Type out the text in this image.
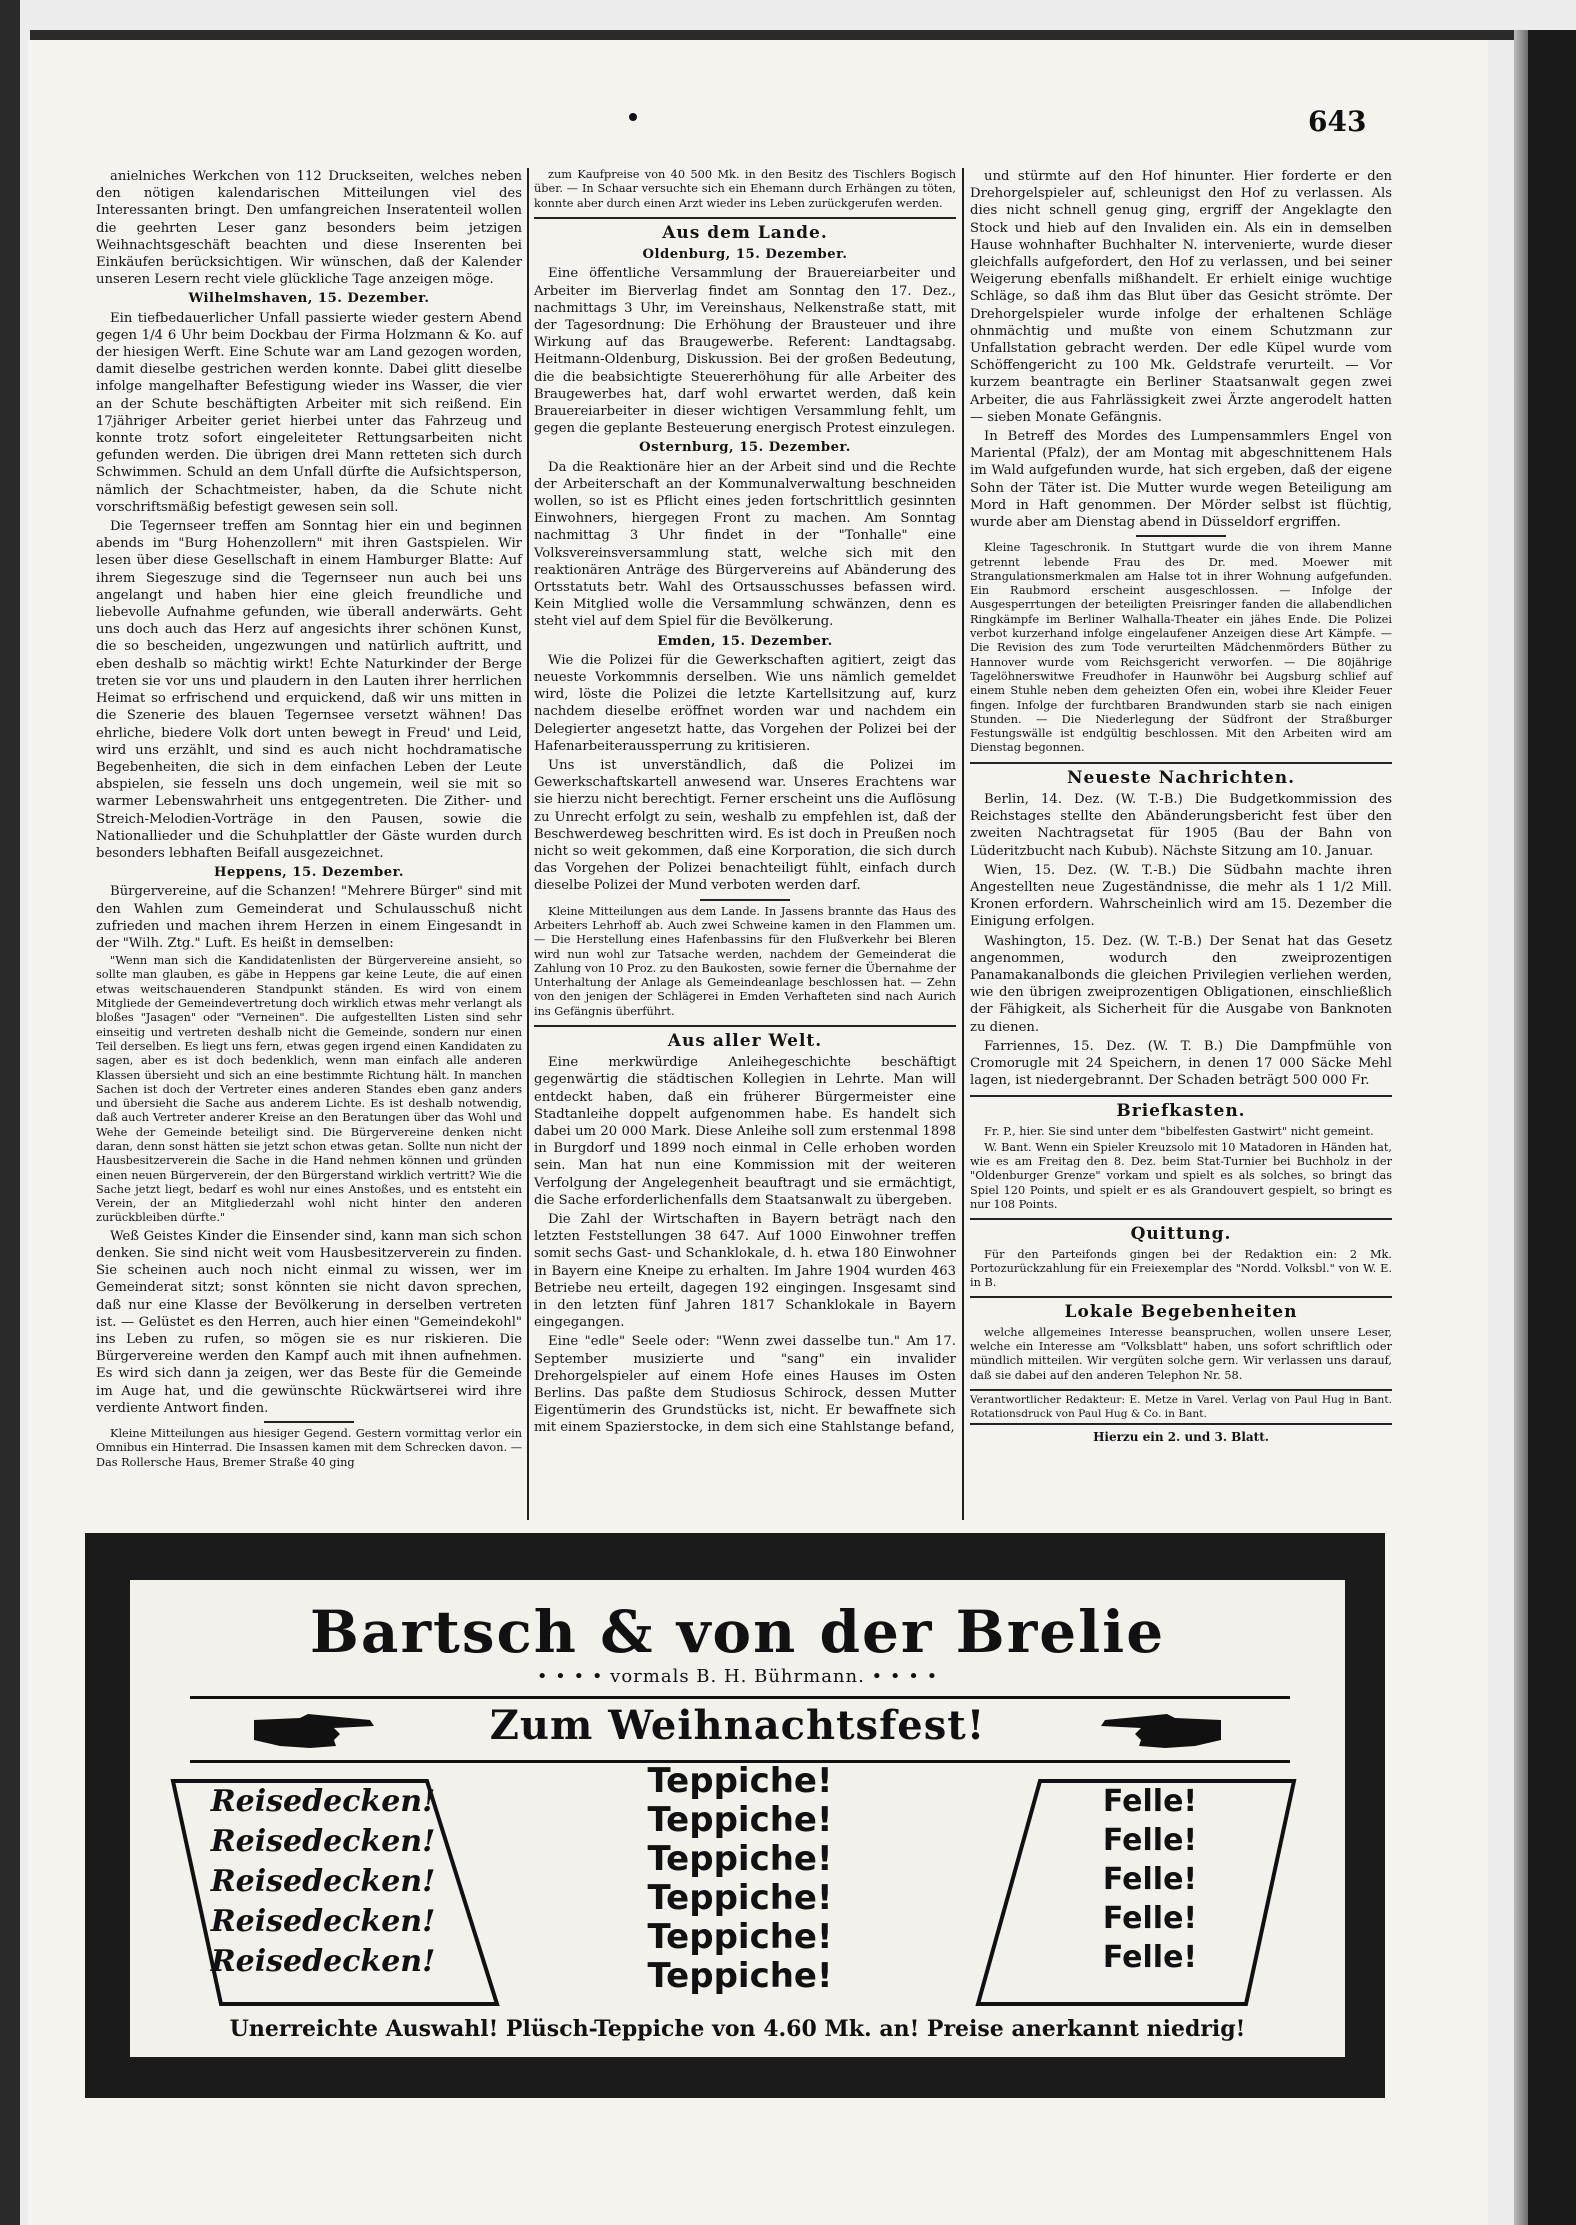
643

anielniches Werkchen von 112 Druckseiten, welches neben den nötigen kalendarischen Mitteilungen viel des Interessanten bringt. Den umfangreichen Inseratenteil wollen die geehrten Leser ganz besonders beim jetzigen Weihnachtsgeschäft beachten und diese Inserenten bei Einkäufen berücksichtigen. Wir wünschen, daß der Kalender unseren Lesern recht viele glückliche Tage anzeigen möge.

Wilhelmshaven, 15. Dezember.

Ein tiefbedauerlicher Unfall passierte wieder gestern Abend gegen 1/4 6 Uhr beim Dockbau der Firma Holzmann & Ko. auf der hiesigen Werft. Eine Schute war am Land gezogen worden, damit dieselbe gestrichen werden konnte. Dabei glitt dieselbe infolge mangelhafter Befestigung wieder ins Wasser, die vier an der Schute beschäftigten Arbeiter mit sich reißend. Ein 17jähriger Arbeiter geriet hierbei unter das Fahrzeug und konnte trotz sofort eingeleiteter Rettungsarbeiten nicht gefunden werden. Die übrigen drei Mann retteten sich durch Schwimmen. Schuld an dem Unfall dürfte die Aufsichtsperson, nämlich der Schachtmeister, haben, da die Schute nicht vorschriftsmäßig befestigt gewesen sein soll.

Die Tegernseer treffen am Sonntag hier ein und beginnen abends im "Burg Hohenzollern" mit ihren Gastspielen. Wir lesen über diese Gesellschaft in einem Hamburger Blatte: Auf ihrem Siegeszuge sind die Tegernseer nun auch bei uns angelangt und haben hier eine gleich freundliche und liebevolle Aufnahme gefunden, wie überall anderwärts. Geht uns doch auch das Herz auf angesichts ihrer schönen Kunst, die so bescheiden, ungezwungen und natürlich auftritt, und eben deshalb so mächtig wirkt! Echte Naturkinder der Berge treten sie vor uns und plaudern in den Lauten ihrer herrlichen Heimat so erfrischend und erquickend, daß wir uns mitten in die Szenerie des blauen Tegernsee versetzt wähnen! Das ehrliche, biedere Volk dort unten bewegt in Freud' und Leid, wird uns erzählt, und sind es auch nicht hochdramatische Begebenheiten, die sich in dem einfachen Leben der Leute abspielen, sie fesseln uns doch ungemein, weil sie mit so warmer Lebenswahrheit uns entgegentreten. Die Zither- und Streich-Melodien-Vorträge in den Pausen, sowie die Nationallieder und die Schuhplattler der Gäste wurden durch besonders lebhaften Beifall ausgezeichnet.

Heppens, 15. Dezember.

Bürgervereine, auf die Schanzen! "Mehrere Bürger" sind mit den Wahlen zum Gemeinderat und Schulausschuß nicht zufrieden und machen ihrem Herzen in einem Eingesandt in der "Wilh. Ztg." Luft. Es heißt in demselben:

"Wenn man sich die Kandidatenlisten der Bürgervereine ansieht, so sollte man glauben, es gäbe in Heppens gar keine Leute, die auf einen etwas weitschauenderen Standpunkt ständen. Es wird von einem Mitgliede der Gemeindevertretung doch wirklich etwas mehr verlangt als bloßes "Jasagen" oder "Verneinen". Die aufgestellten Listen sind sehr einseitig und vertreten deshalb nicht die Gemeinde, sondern nur einen Teil derselben. Es liegt uns fern, etwas gegen irgend einen Kandidaten zu sagen, aber es ist doch bedenklich, wenn man einfach alle anderen Klassen übersieht und sich an eine bestimmte Richtung hält. In manchen Sachen ist doch der Vertreter eines anderen Standes eben ganz anders und übersieht die Sache aus anderem Lichte. Es ist deshalb notwendig, daß auch Vertreter anderer Kreise an den Beratungen über das Wohl und Wehe der Gemeinde beteiligt sind. Die Bürgervereine denken nicht daran, denn sonst hätten sie jetzt schon etwas getan. Sollte nun nicht der Hausbesitzerverein die Sache in die Hand nehmen können und gründen einen neuen Bürgerverein, der den Bürgerstand wirklich vertritt? Wie die Sache jetzt liegt, bedarf es wohl nur eines Anstoßes, und es entsteht ein Verein, der an Mitgliederzahl wohl nicht hinter den anderen zurückbleiben dürfte."

Weß Geistes Kinder die Einsender sind, kann man sich schon denken. Sie sind nicht weit vom Hausbesitzerverein zu finden. Sie scheinen auch noch nicht einmal zu wissen, wer im Gemeinderat sitzt; sonst könnten sie nicht davon sprechen, daß nur eine Klasse der Bevölkerung in derselben vertreten ist. — Gelüstet es den Herren, auch hier einen "Gemeindekohl" ins Leben zu rufen, so mögen sie es nur riskieren. Die Bürgervereine werden den Kampf auch mit ihnen aufnehmen. Es wird sich dann ja zeigen, wer das Beste für die Gemeinde im Auge hat, und die gewünschte Rückwärtserei wird ihre verdiente Antwort finden.

Kleine Mitteilungen aus hiesiger Gegend. Gestern vormittag verlor ein Omnibus ein Hinterrad. Die Insassen kamen mit dem Schrecken davon. — Das Rollersche Haus, Bremer Straße 40 ging

zum Kaufpreise von 40 500 Mk. in den Besitz des Tischlers Bogisch über. — In Schaar versuchte sich ein Ehemann durch Erhängen zu töten, konnte aber durch einen Arzt wieder ins Leben zurückgerufen werden.

Aus dem Lande.

Oldenburg, 15. Dezember.

Eine öffentliche Versammlung der Brauereiarbeiter und Arbeiter im Bierverlag findet am Sonntag den 17. Dez., nachmittags 3 Uhr, im Vereinshaus, Nelkenstraße statt, mit der Tagesordnung: Die Erhöhung der Brausteuer und ihre Wirkung auf das Braugewerbe. Referent: Landtagsabg. Heitmann-Oldenburg, Diskussion. Bei der großen Bedeutung, die die beabsichtigte Steuererhöhung für alle Arbeiter des Braugewerbes hat, darf wohl erwartet werden, daß kein Brauereiarbeiter in dieser wichtigen Versammlung fehlt, um gegen die geplante Besteuerung energisch Protest einzulegen.

Osternburg, 15. Dezember.

Da die Reaktionäre hier an der Arbeit sind und die Rechte der Arbeiterschaft an der Kommunalverwaltung beschneiden wollen, so ist es Pflicht eines jeden fortschrittlich gesinnten Einwohners, hiergegen Front zu machen. Am Sonntag nachmittag 3 Uhr findet in der "Tonhalle" eine Volksvereinsversammlung statt, welche sich mit den reaktionären Anträge des Bürgervereins auf Abänderung des Ortsstatuts betr. Wahl des Ortsausschusses befassen wird. Kein Mitglied wolle die Versammlung schwänzen, denn es steht viel auf dem Spiel für die Bevölkerung.

Emden, 15. Dezember.

Wie die Polizei für die Gewerkschaften agitiert, zeigt das neueste Vorkommnis derselben. Wie uns nämlich gemeldet wird, löste die Polizei die letzte Kartellsitzung auf, kurz nachdem dieselbe eröffnet worden war und nachdem ein Delegierter angesetzt hatte, das Vorgehen der Polizei bei der Hafenarbeiteraussperrung zu kritisieren.

Uns ist unverständlich, daß die Polizei im Gewerkschaftskartell anwesend war. Unseres Erachtens war sie hierzu nicht berechtigt. Ferner erscheint uns die Auflösung zu Unrecht erfolgt zu sein, weshalb zu empfehlen ist, daß der Beschwerdeweg beschritten wird. Es ist doch in Preußen noch nicht so weit gekommen, daß eine Korporation, die sich durch das Vorgehen der Polizei benachteiligt fühlt, einfach durch dieselbe Polizei der Mund verboten werden darf.

Kleine Mitteilungen aus dem Lande. In Jassens brannte das Haus des Arbeiters Lehrhoff ab. Auch zwei Schweine kamen in den Flammen um. — Die Herstellung eines Hafenbassins für den Flußverkehr bei Bleren wird nun wohl zur Tatsache werden, nachdem der Gemeinderat die Zahlung von 10 Proz. zu den Baukosten, sowie ferner die Übernahme der Unterhaltung der Anlage als Gemeindeanlage beschlossen hat. — Zehn von den jenigen der Schlägerei in Emden Verhafteten sind nach Aurich ins Gefängnis überführt.

Aus aller Welt.

Eine merkwürdige Anleihegeschichte beschäftigt gegenwärtig die städtischen Kollegien in Lehrte. Man will entdeckt haben, daß ein früherer Bürgermeister eine Stadtanleihe doppelt aufgenommen habe. Es handelt sich dabei um 20 000 Mark. Diese Anleihe soll zum erstenmal 1898 in Burgdorf und 1899 noch einmal in Celle erhoben worden sein. Man hat nun eine Kommission mit der weiteren Verfolgung der Angelegenheit beauftragt und sie ermächtigt, die Sache erforderlichenfalls dem Staatsanwalt zu übergeben.

Die Zahl der Wirtschaften in Bayern beträgt nach den letzten Feststellungen 38 647. Auf 1000 Einwohner treffen somit sechs Gast- und Schanklokale, d. h. etwa 180 Einwohner in Bayern eine Kneipe zu erhalten. Im Jahre 1904 wurden 463 Betriebe neu erteilt, dagegen 192 eingingen. Insgesamt sind in den letzten fünf Jahren 1817 Schanklokale in Bayern eingegangen.

Eine "edle" Seele oder: "Wenn zwei dasselbe tun." Am 17. September musizierte und "sang" ein invalider Drehorgelspieler auf einem Hofe eines Hauses im Osten Berlins. Das paßte dem Studiosus Schirock, dessen Mutter Eigentümerin des Grundstücks ist, nicht. Er bewaffnete sich mit einem Spazierstocke, in dem sich eine Stahlstange befand,

und stürmte auf den Hof hinunter. Hier forderte er den Drehorgelspieler auf, schleunigst den Hof zu verlassen. Als dies nicht schnell genug ging, ergriff der Angeklagte den Stock und hieb auf den Invaliden ein. Als ein in demselben Hause wohnhafter Buchhalter N. intervenierte, wurde dieser gleichfalls aufgefordert, den Hof zu verlassen, und bei seiner Weigerung ebenfalls mißhandelt. Er erhielt einige wuchtige Schläge, so daß ihm das Blut über das Gesicht strömte. Der Drehorgelspieler wurde infolge der erhaltenen Schläge ohnmächtig und mußte von einem Schutzmann zur Unfallstation gebracht werden. Der edle Küpel wurde vom Schöffengericht zu 100 Mk. Geldstrafe verurteilt. — Vor kurzem beantragte ein Berliner Staatsanwalt gegen zwei Arbeiter, die aus Fahrlässigkeit zwei Ärzte angerodelt hatten — sieben Monate Gefängnis.

In Betreff des Mordes des Lumpensammlers Engel von Mariental (Pfalz), der am Montag mit abgeschnittenem Hals im Wald aufgefunden wurde, hat sich ergeben, daß der eigene Sohn der Täter ist. Die Mutter wurde wegen Beteiligung am Mord in Haft genommen. Der Mörder selbst ist flüchtig, wurde aber am Dienstag abend in Düsseldorf ergriffen.

Kleine Tageschronik. In Stuttgart wurde die von ihrem Manne getrennt lebende Frau des Dr. med. Moewer mit Strangulationsmerkmalen am Halse tot in ihrer Wohnung aufgefunden. Ein Raubmord erscheint ausgeschlossen. — Infolge der Ausgesperrtungen der beteiligten Preisringer fanden die allabendlichen Ringkämpfe im Berliner Walhalla-Theater ein jähes Ende. Die Polizei verbot kurzerhand infolge eingelaufener Anzeigen diese Art Kämpfe. — Die Revision des zum Tode verurteilten Mädchenmörders Büther zu Hannover wurde vom Reichsgericht verworfen. — Die 80jährige Tagelöhnerswitwe Freudhofer in Haunwöhr bei Augsburg schlief auf einem Stuhle neben dem geheizten Ofen ein, wobei ihre Kleider Feuer fingen. Infolge der furchtbaren Brandwunden starb sie nach einigen Stunden. — Die Niederlegung der Südfront der Straßburger Festungswälle ist endgültig beschlossen. Mit den Arbeiten wird am Dienstag begonnen.

Neueste Nachrichten.

Berlin, 14. Dez. (W. T.-B.) Die Budgetkommission des Reichstages stellte den Abänderungsbericht fest über den zweiten Nachtragsetat für 1905 (Bau der Bahn von Lüderitzbucht nach Kubub). Nächste Sitzung am 10. Januar.

Wien, 15. Dez. (W. T.-B.) Die Südbahn machte ihren Angestellten neue Zugeständnisse, die mehr als 1 1/2 Mill. Kronen erfordern. Wahrscheinlich wird am 15. Dezember die Einigung erfolgen.

Washington, 15. Dez. (W. T.-B.) Der Senat hat das Gesetz angenommen, wodurch den zweiprozentigen Panamakanalbonds die gleichen Privilegien verliehen werden, wie den übrigen zweiprozentigen Obligationen, einschließlich der Fähigkeit, als Sicherheit für die Ausgabe von Banknoten zu dienen.

Farriennes, 15. Dez. (W. T. B.) Die Dampfmühle von Cromorugle mit 24 Speichern, in denen 17 000 Säcke Mehl lagen, ist niedergebrannt. Der Schaden beträgt 500 000 Fr.

Briefkasten.

Fr. P., hier. Sie sind unter dem "bibelfesten Gastwirt" nicht gemeint.

W. Bant. Wenn ein Spieler Kreuzsolo mit 10 Matadoren in Händen hat, wie es am Freitag den 8. Dez. beim Stat-Turnier bei Buchholz in der "Oldenburger Grenze" vorkam und spielt es als solches, so bringt das Spiel 120 Points, und spielt er es als Grandouvert gespielt, so bringt es nur 108 Points.

Quittung.

Für den Parteifonds gingen bei der Redaktion ein: 2 Mk. Portozurückzahlung für ein Freiexemplar des "Nordd. Volksbl." von W. E. in B.

Lokale Begebenheiten

welche allgemeines Interesse beanspruchen, wollen unsere Leser, welche ein Interesse am "Volksblatt" haben, uns sofort schriftlich oder mündlich mitteilen. Wir vergüten solche gern. Wir verlassen uns darauf, daß sie dabei auf den anderen Telephon Nr. 58.

Verantwortlicher Redakteur: E. Metze in Varel. Verlag von Paul Hug in Bant. Rotationsdruck von Paul Hug & Co. in Bant.
Hierzu ein 2. und 3. Blatt.
Bartsch & von der Brelie
• • • • vormals B. H. Bührmann. • • • •
Zum Weihnachtsfest!
Reisedecken!
Reisedecken!
Reisedecken!
Reisedecken!
Reisedecken!
Teppiche!
Teppiche!
Teppiche!
Teppiche!
Teppiche!
Teppiche!
Felle!
Felle!
Felle!
Felle!
Felle!
Unerreichte Auswahl! Plüsch-Teppiche von 4.60 Mk. an! Preise anerkannt niedrig!
